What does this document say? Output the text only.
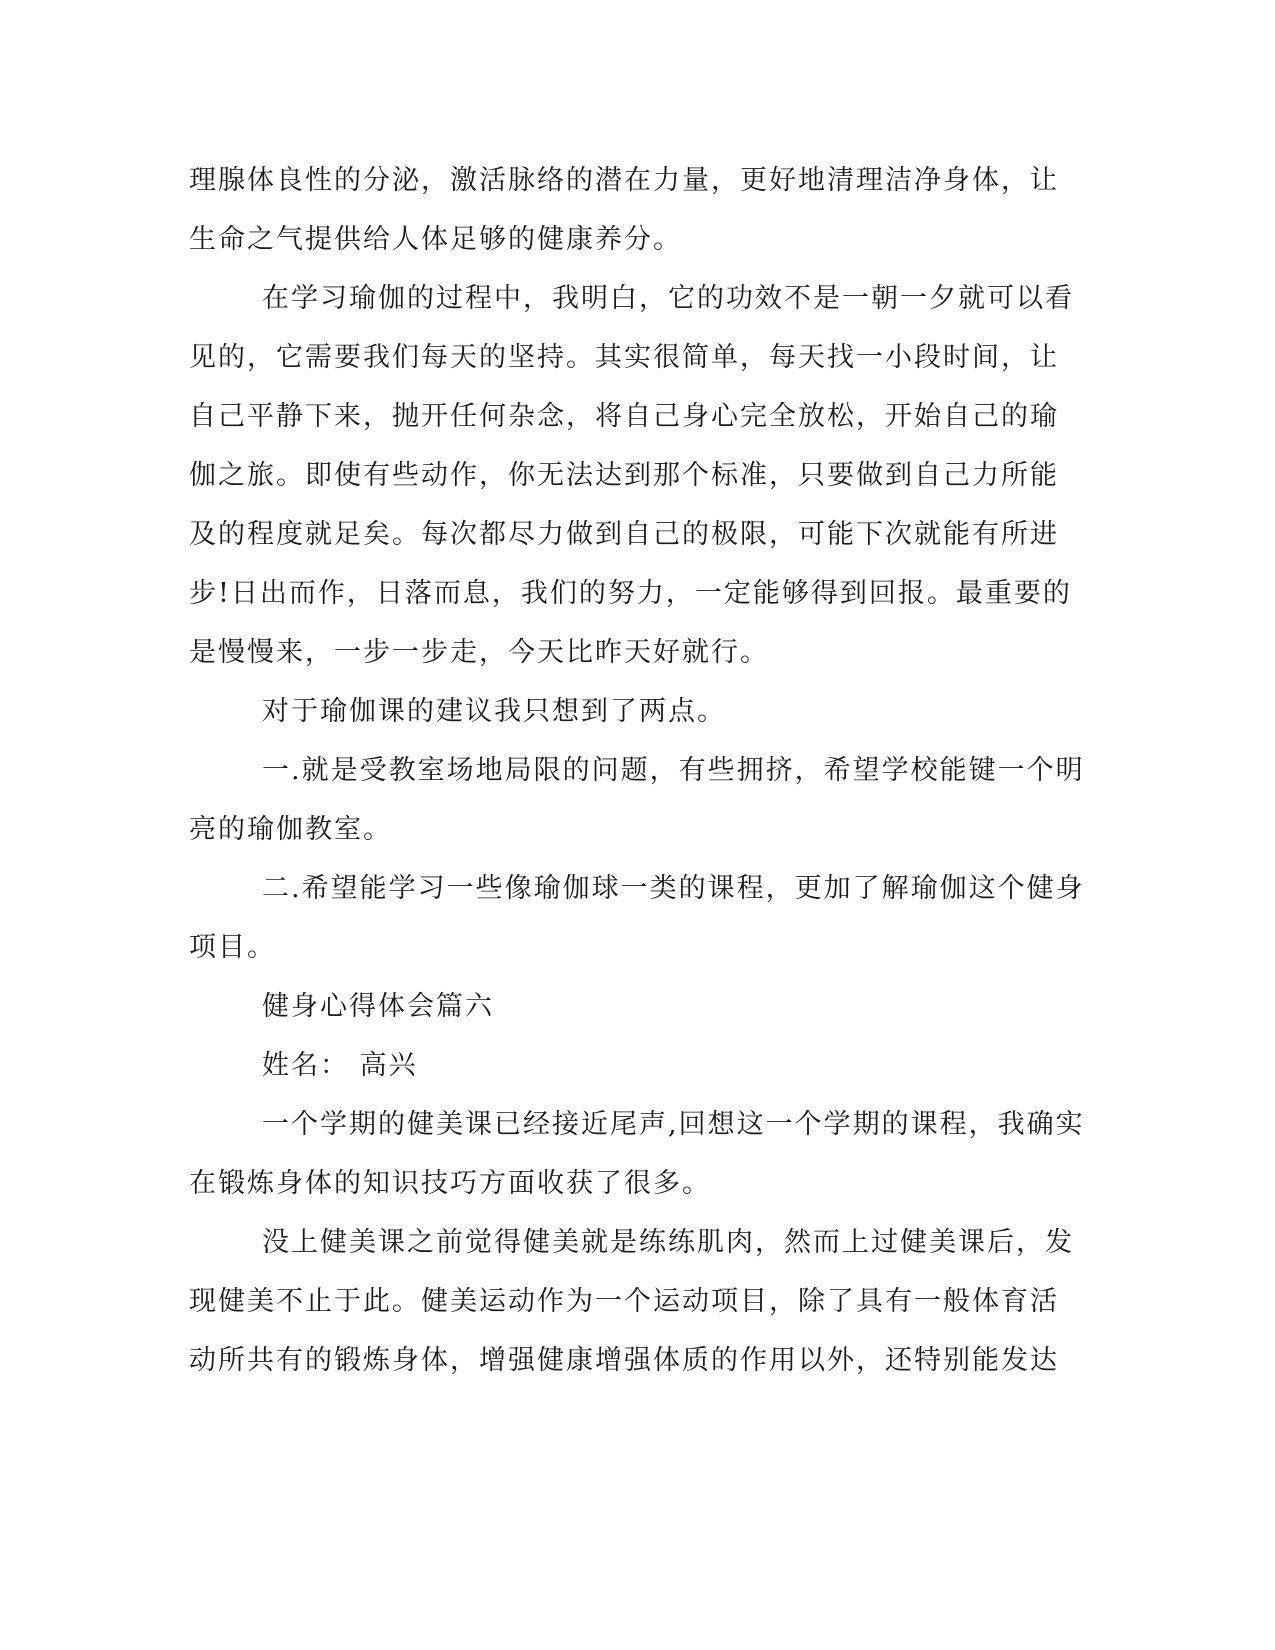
理腺体良性的分泌，激活脉络的潜在力量，更好地清理洁净身体，让
生命之气提供给人体足够的健康养分。
在学习瑜伽的过程中，我明白，它的功效不是一朝一夕就可以看
见的，它需要我们每天的坚持。其实很简单，每天找一小段时间，让
自己平静下来，抛开任何杂念，将自己身心完全放松，开始自己的瑜
伽之旅。即使有些动作，你无法达到那个标准，只要做到自己力所能
及的程度就足矣。每次都尽力做到自己的极限，可能下次就能有所进
步!日出而作，日落而息，我们的努力，一定能够得到回报。最重要的
是慢慢来，一步一步走，今天比昨天好就行。
对于瑜伽课的建议我只想到了两点。
一.就是受教室场地局限的问题，有些拥挤，希望学校能键一个明
亮的瑜伽教室。
二.希望能学习一些像瑜伽球一类的课程，更加了解瑜伽这个健身
项目。
健身心得体会篇六
姓名： 高兴
一个学期的健美课已经接近尾声,回想这一个学期的课程，我确实
在锻炼身体的知识技巧方面收获了很多。
没上健美课之前觉得健美就是练练肌肉，然而上过健美课后，发
现健美不止于此。健美运动作为一个运动项目，除了具有一般体育活
动所共有的锻炼身体，增强健康增强体质的作用以外，还特别能发达
